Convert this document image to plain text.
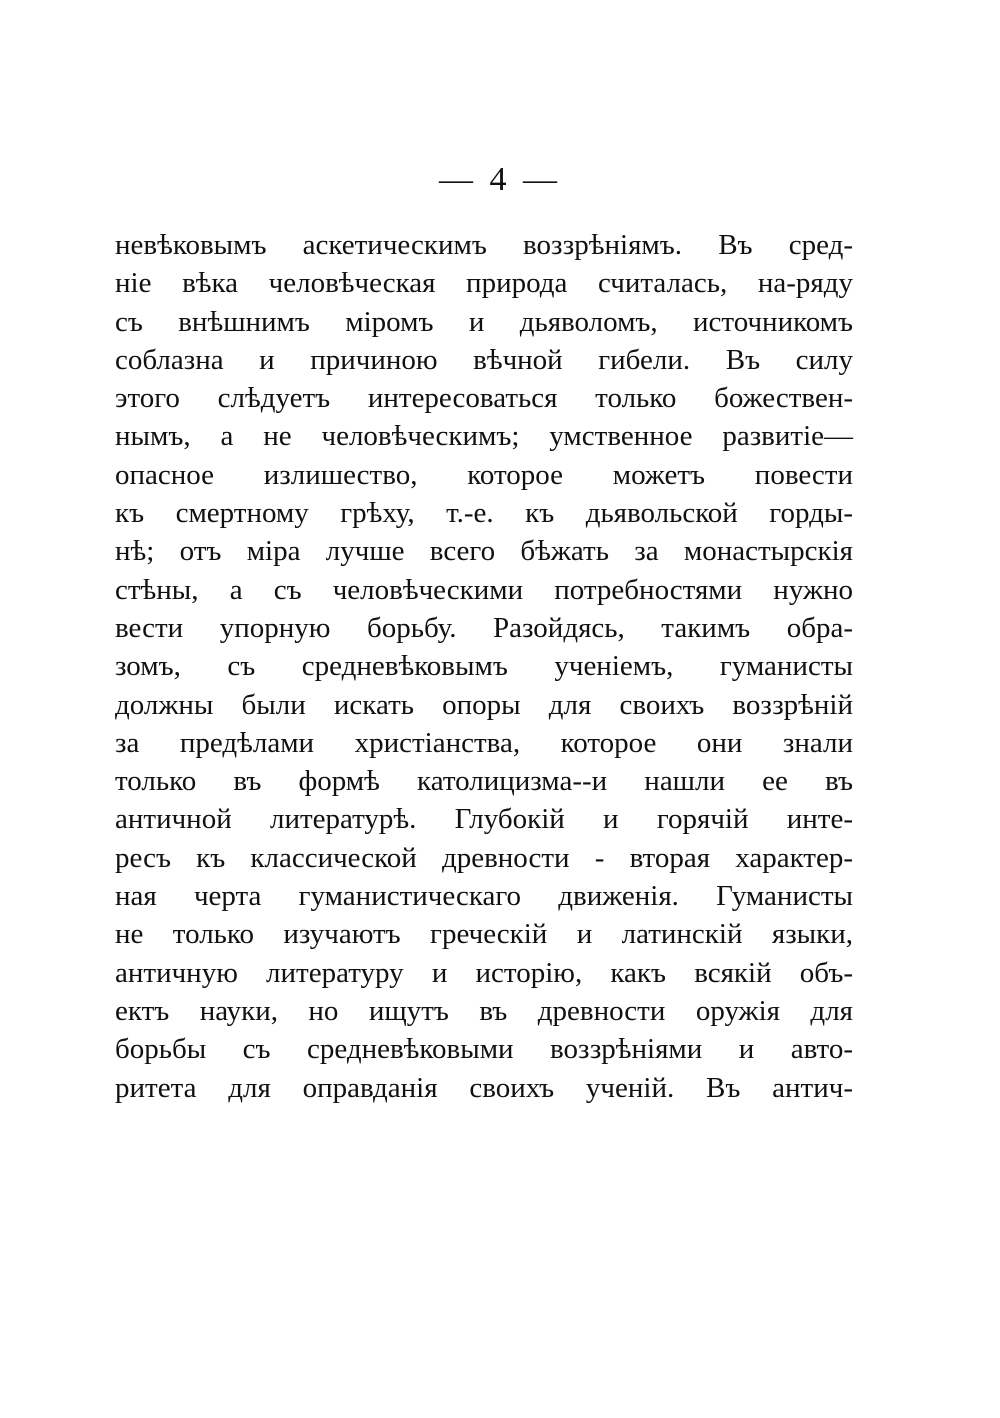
— 4 —
невѣковымъ аскетическимъ воззрѣніямъ. Въ сред-
ніе вѣка человѣческая природа считалась, на-ряду
съ внѣшнимъ міромъ и дьяволомъ, источникомъ
соблазна и причиною вѣчной гибели. Въ силу
этого слѣдуетъ интересоваться только божествен-
нымъ, а не человѣческимъ; умственное развитіе—
опасное излишество, которое можетъ повести
къ смертному грѣху, т.-е. къ дьявольской горды-
нѣ; отъ міра лучше всего бѣжать за монастырскія
стѣны, а съ человѣческими потребностями нужно
вести упорную борьбу. Разойдясь, такимъ обра-
зомъ, съ средневѣковымъ ученіемъ, гуманисты
должны были искать опоры для своихъ воззрѣній
за предѣлами христіанства, которое они знали
только въ формѣ католицизма--и нашли ее въ
античной литературѣ. Глубокій и горячій инте-
ресъ къ классической древности - вторая характер-
ная черта гуманистическаго движенія. Гуманисты
не только изучаютъ греческій и латинскій языки,
античную литературу и исторію, какъ всякій объ-
ектъ науки, но ищутъ въ древности оружія для
борьбы съ средневѣковыми воззрѣніями и авто-
ритета для оправданія своихъ ученій. Въ антич-
